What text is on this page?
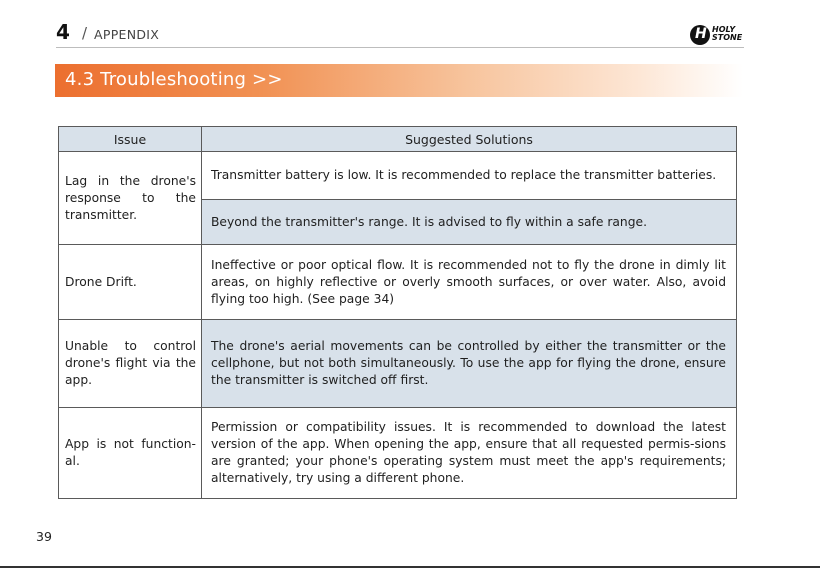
4 / APPENDIX	H HOLY
STONE
4.3 Troubleshooting >>
Issue	Suggested Solutions
Lag in the drone's response to the transmitter.	Transmitter battery is low. It is recommended to replace the transmitter batteries.
	Beyond the transmitter's range. It is advised to fly within a safe range.
Drone Drift.	Ineffective or poor optical flow. It is recommended not to fly the drone in dimly lit areas, on highly reflective or overly smooth surfaces, or over water. Also, avoid flying too high. (See page 34)
Unable to control drone's flight via the app.	The drone's aerial movements can be controlled by either the transmitter or the cellphone, but not both simultaneously. To use the app for flying the drone, ensure the transmitter is switched off first.
App is not function-al.	Permission or compatibility issues. It is recommended to download the latest version of the app. When opening the app, ensure that all requested permis-sions are granted; your phone's operating system must meet the app's requirements; alternatively, try using a different phone.
39
